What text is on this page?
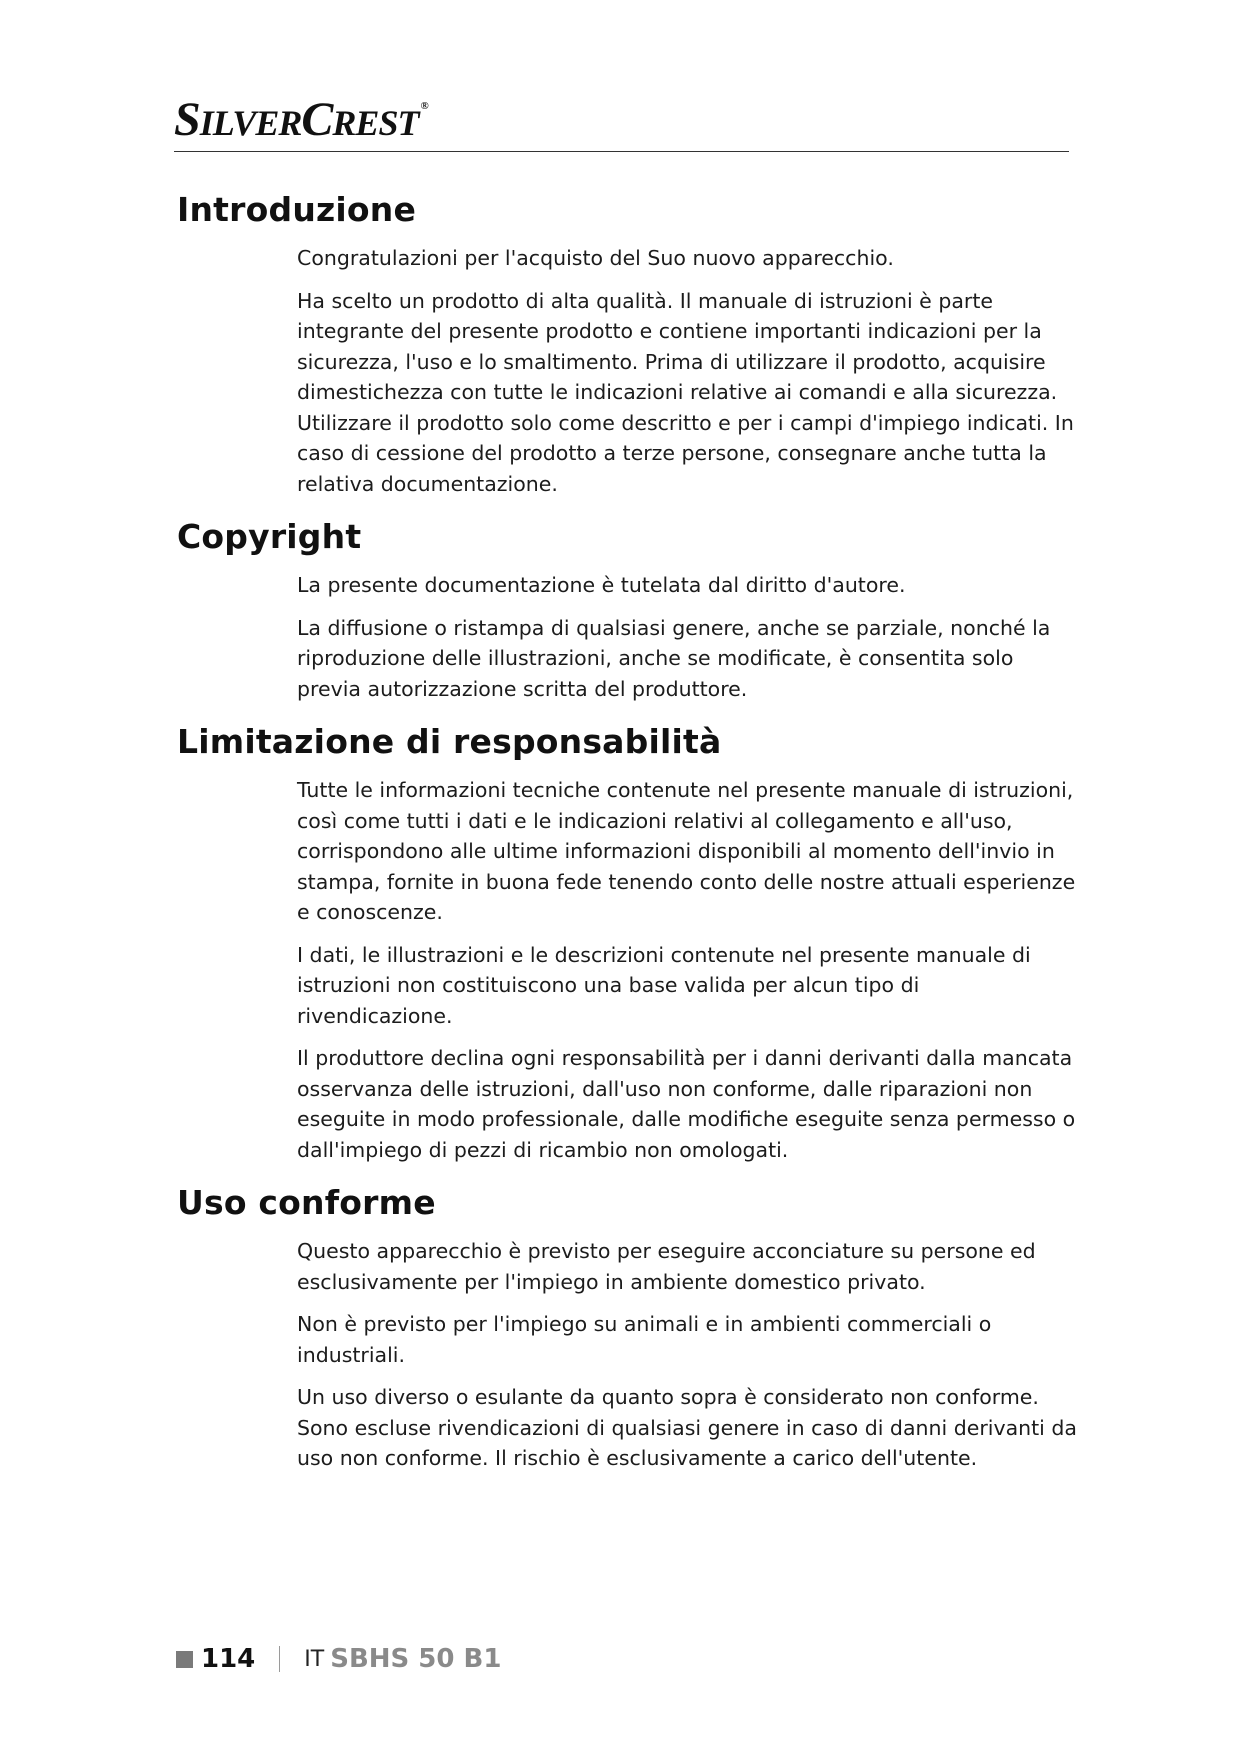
SILVERCREST ®
Introduzione

Congratulazioni per l'acquisto del Suo nuovo apparecchio.

Ha scelto un prodotto di alta qualità. Il manuale di istruzioni è parte integrante del presente prodotto e contiene importanti indicazioni per la sicurezza, l'uso e lo smaltimento. Prima di utilizzare il prodotto, acquisire dimestichezza con tutte le indicazioni relative ai comandi e alla sicurezza. Utilizzare il prodotto solo come descritto e per i campi d'impiego indicati. In caso di cessione del prodotto a terze persone, consegnare anche tutta la relativa documentazione.

Copyright

La presente documentazione è tutelata dal diritto d'autore.

La diffusione o ristampa di qualsiasi genere, anche se parziale, nonché la riproduzione delle illustrazioni, anche se modificate, è consentita solo previa autorizzazione scritta del produttore.

Limitazione di responsabilità

Tutte le informazioni tecniche contenute nel presente manuale di istruzioni, così come tutti i dati e le indicazioni relativi al collegamento e all'uso, corrispondono alle ultime informazioni disponibili al momento dell'invio in stampa, fornite in buona fede tenendo conto delle nostre attuali esperienze e conoscenze.

I dati, le illustrazioni e le descrizioni contenute nel presente manuale di istruzioni non costituiscono una base valida per alcun tipo di rivendicazione.

Il produttore declina ogni responsabilità per i danni derivanti dalla mancata osservanza delle istruzioni, dall'uso non conforme, dalle riparazioni non eseguite in modo professionale, dalle modifiche eseguite senza permesso o dall'impiego di pezzi di ricambio non omologati.

Uso conforme

Questo apparecchio è previsto per eseguire acconciature su persone ed esclusivamente per l'impiego in ambiente domestico privato.

Non è previsto per l'impiego su animali e in ambienti commerciali o industriali.

Un uso diverso o esulante da quanto sopra è considerato non conforme. Sono escluse rivendicazioni di qualsiasi genere in caso di danni derivanti da uso non conforme. Il rischio è esclusivamente a carico dell'utente.

114 IT SBHS 50 B1
